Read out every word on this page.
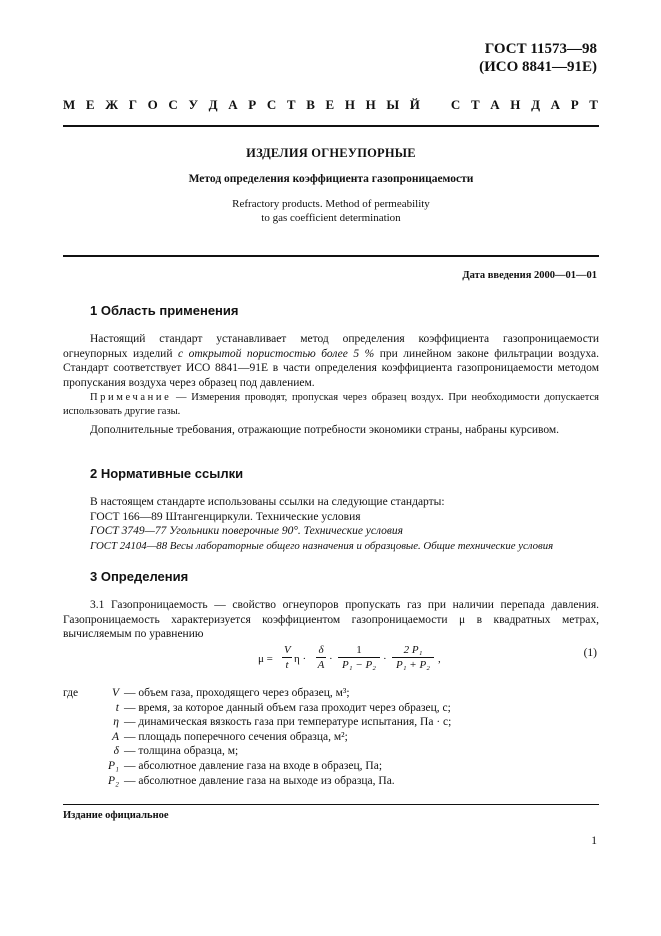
ГОСТ 11573—98
(ИСО 8841—91Е)
М Е Ж Г О С У Д А Р С Т В Е Н Н Ы Й
С Т А Н Д А Р Т
ИЗДЕЛИЯ ОГНЕУПОРНЫЕ
Метод определения коэффициента газопроницаемости
Refractory products. Method of permeability
to gas coefficient determination
Дата введения 2000—01—01
1 Область применения
Настоящий стандарт устанавливает метод определения коэффициента газопроницаемости огнеупорных изделий с открытой пористостью более 5 % при линейном законе фильтрации воздуха. Стандарт соответствует ИСО 8841—91Е в части определения коэффициента газопроницаемости методом пропускания воздуха через образец под давлением.
Примечание — Измерения проводят, пропуская через образец воздух. При необходимости допускается использовать другие газы.
Дополнительные требования, отражающие потребности экономики страны, набраны курсивом.
2 Нормативные ссылки
В настоящем стандарте использованы ссылки на следующие стандарты:
ГОСТ 166—89 Штангенциркули. Технические условия
ГОСТ 3749—77 Угольники поверочные 90°. Технические условия
ГОСТ 24104—88 Весы лабораторные общего назначения и образцовые. Общие технические условия
3 Определения
3.1 Газопроницаемость — свойство огнеупоров пропускать газ при наличии перепада давления. Газопроницаемость характеризуется коэффициентом газопроницаемости μ в квадратных метрах, вычисляемым по уравнению
$\mu = \frac{V}{t}$ $\eta \cdot \frac{\delta}{A} \cdot \frac{1}{\text{P₁ − P₂}} \cdot \frac{\text{2 P₁}}{\text{P₁ + P₂}}$ ,	(1)
где	V — объем газа, проходящего через образец, м³;
t — время, за которое данный объем газа проходит через образец, с;
η — динамическая вязкость газа при температуре испытания, Па · с;
A — площадь поперечного сечения образца, м²;
δ — толщина образца, м;
P₁ — абсолютное давление газа на входе в образец, Па;
P₂ — абсолютное давление газа на выходе из образца, Па.
Издание официальное
1
